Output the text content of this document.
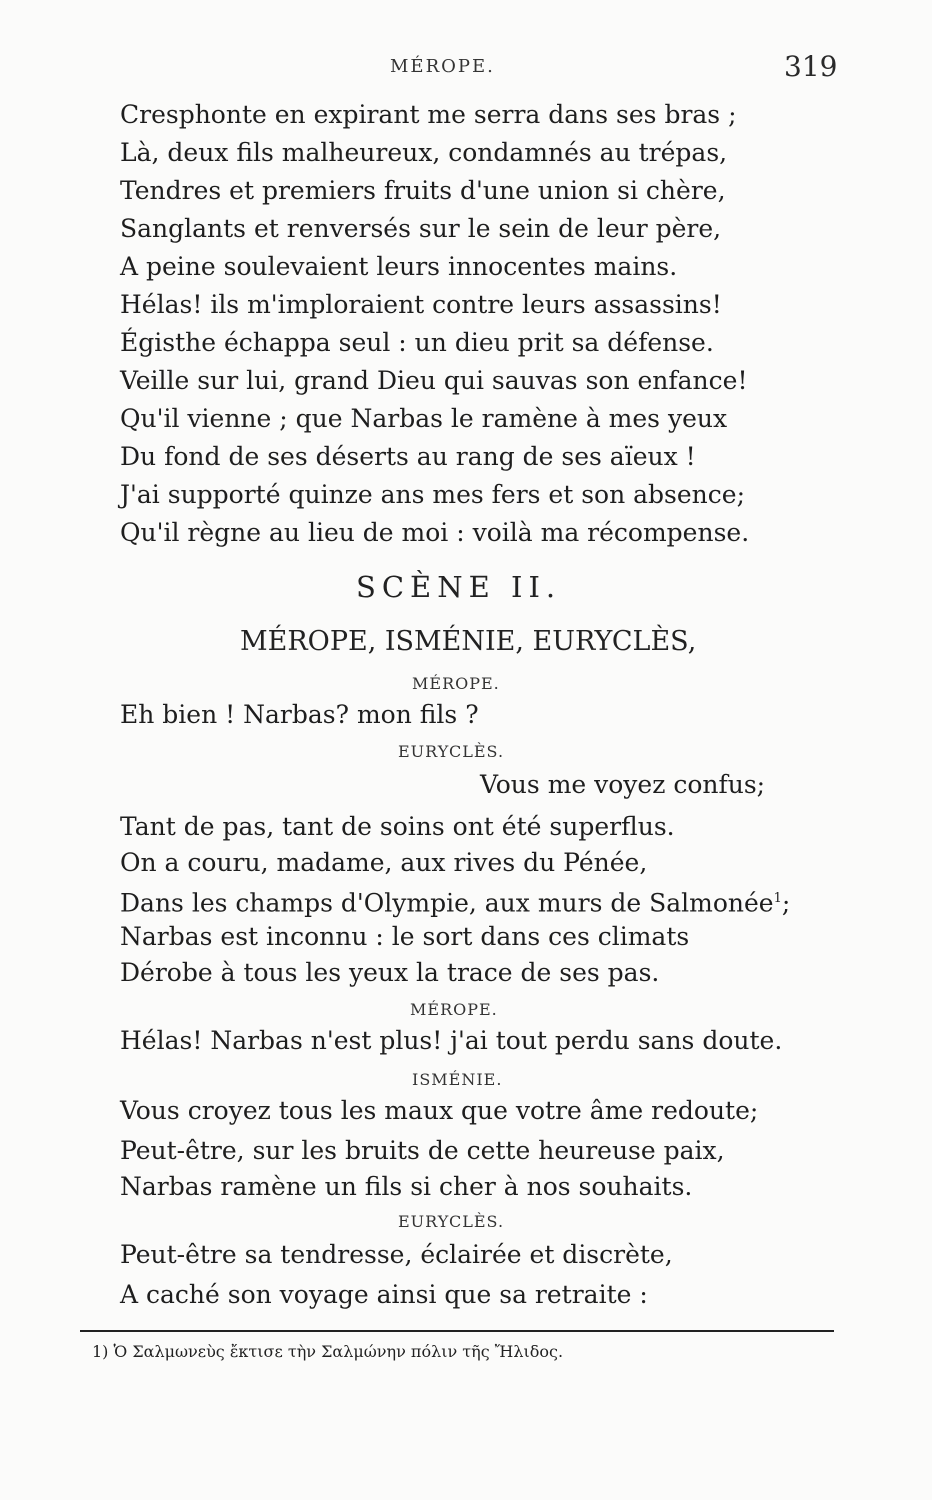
MÉROPE.	319
Cresphonte en expirant me serra dans ses bras ;
Là, deux fils malheureux, condamnés au trépas,
Tendres et premiers fruits d'une union si chère,
Sanglants et renversés sur le sein de leur père,
A peine soulevaient leurs innocentes mains.
Hélas! ils m'imploraient contre leurs assassins!
Égisthe échappa seul : un dieu prit sa défense.
Veille sur lui, grand Dieu qui sauvas son enfance!
Qu'il vienne ; que Narbas le ramène à mes yeux
Du fond de ses déserts au rang de ses aïeux !
J'ai supporté quinze ans mes fers et son absence;
Qu'il règne au lieu de moi : voilà ma récompense.
SCÈNE II.
MÉROPE, ISMÉNIE, EURYCLÈS,
MÉROPE.
Eh bien ! Narbas? mon fils ?
EURYCLÈS.
Vous me voyez confus;
Tant de pas, tant de soins ont été superflus.
On a couru, madame, aux rives du Pénée,
Dans les champs d'Olympie, aux murs de Salmonée$^1$;
Narbas est inconnu : le sort dans ces climats
Dérobe à tous les yeux la trace de ses pas.
MÉROPE.
Hélas! Narbas n'est plus! j'ai tout perdu sans doute.
ISMÉNIE.
Vous croyez tous les maux que votre âme redoute;
Peut-être, sur les bruits de cette heureuse paix,
Narbas ramène un fils si cher à nos souhaits.
EURYCLÈS.
Peut-être sa tendresse, éclairée et discrète,
A caché son voyage ainsi que sa retraite :
1) Ὁ Σαλμωνεὺς ἔκτισε τὴν Σαλμώνην πόλιν τῆς Ἤλιδος.
